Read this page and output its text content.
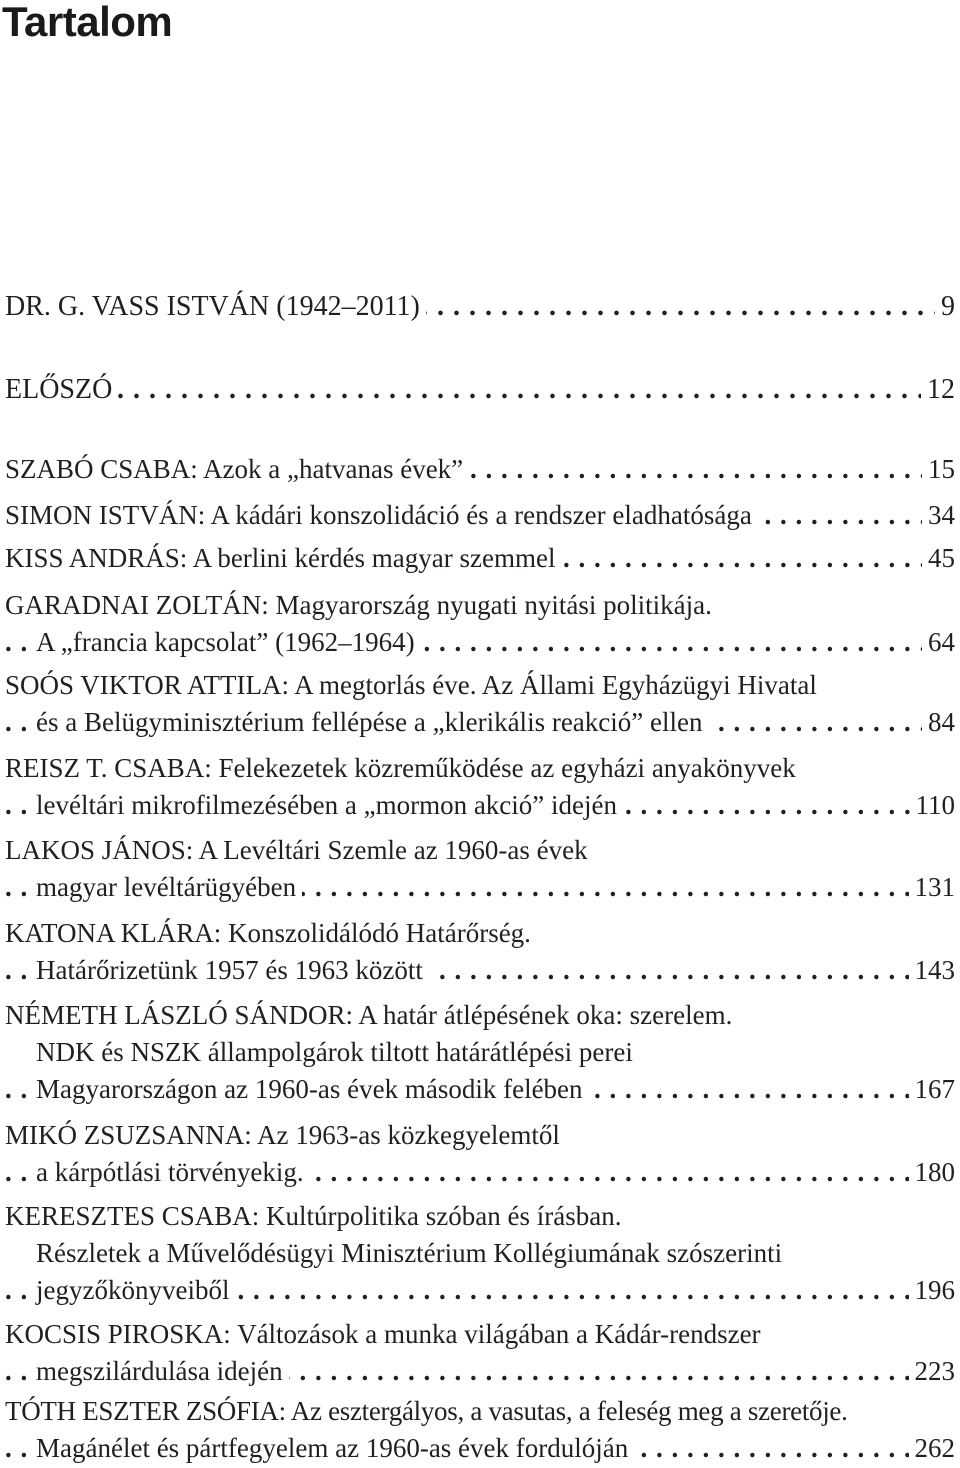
Tartalom
DR. G. VASS ISTVÁN (1942–2011)	9
. . .
ELŐSZÓ	12
. . .
SZABÓ CSABA: Azok a „hatvanas évek”	15
. . .
SIMON ISTVÁN: A kádári konszolidáció és a rendszer eladhatósága	34
. . .
KISS ANDRÁS: A berlini kérdés magyar szemmel	45
. . .
GARADNAI ZOLTÁN: Magyarország nyugati nyitási politikája.
A „francia kapcsolat” (1962–1964)	64
. . .
SOÓS VIKTOR ATTILA: A megtorlás éve. Az Állami Egyházügyi Hivatal
és a Belügyminisztérium fellépése a „klerikális reakció” ellen	84
. . .
REISZ T. CSABA: Felekezetek közreműködése az egyházi anyakönyvek
levéltári mikrofilmezésében a „mormon akció” idején	110
. . .
LAKOS JÁNOS: A Levéltári Szemle az 1960-as évek
magyar levéltárügyében	131
. . .
KATONA KLÁRA: Konszolidálódó Határőrség.
Határőrizetünk 1957 és 1963 között	143
. . .
NÉMETH LÁSZLÓ SÁNDOR: A határ átlépésének oka: szerelem.
NDK és NSZK állampolgárok tiltott határátlépési perei
Magyarországon az 1960-as évek második felében	167
. . .
MIKÓ ZSUZSANNA: Az 1963-as közkegyelemtől
a kárpótlási törvényekig.	180
. . .
KERESZTES CSABA: Kultúrpolitika szóban és írásban.
Részletek a Művelődésügyi Minisztérium Kollégiumának szószerinti
jegyzőkönyveiből	196
. . .
KOCSIS PIROSKA: Változások a munka világában a Kádár-rendszer
megszilárdulása idején	223
. . .
TÓTH ESZTER ZSÓFIA: Az esztergályos, a vasutas, a feleség meg a szeretője.
Magánélet és pártfegyelem az 1960-as évek fordulóján	262
. . .
